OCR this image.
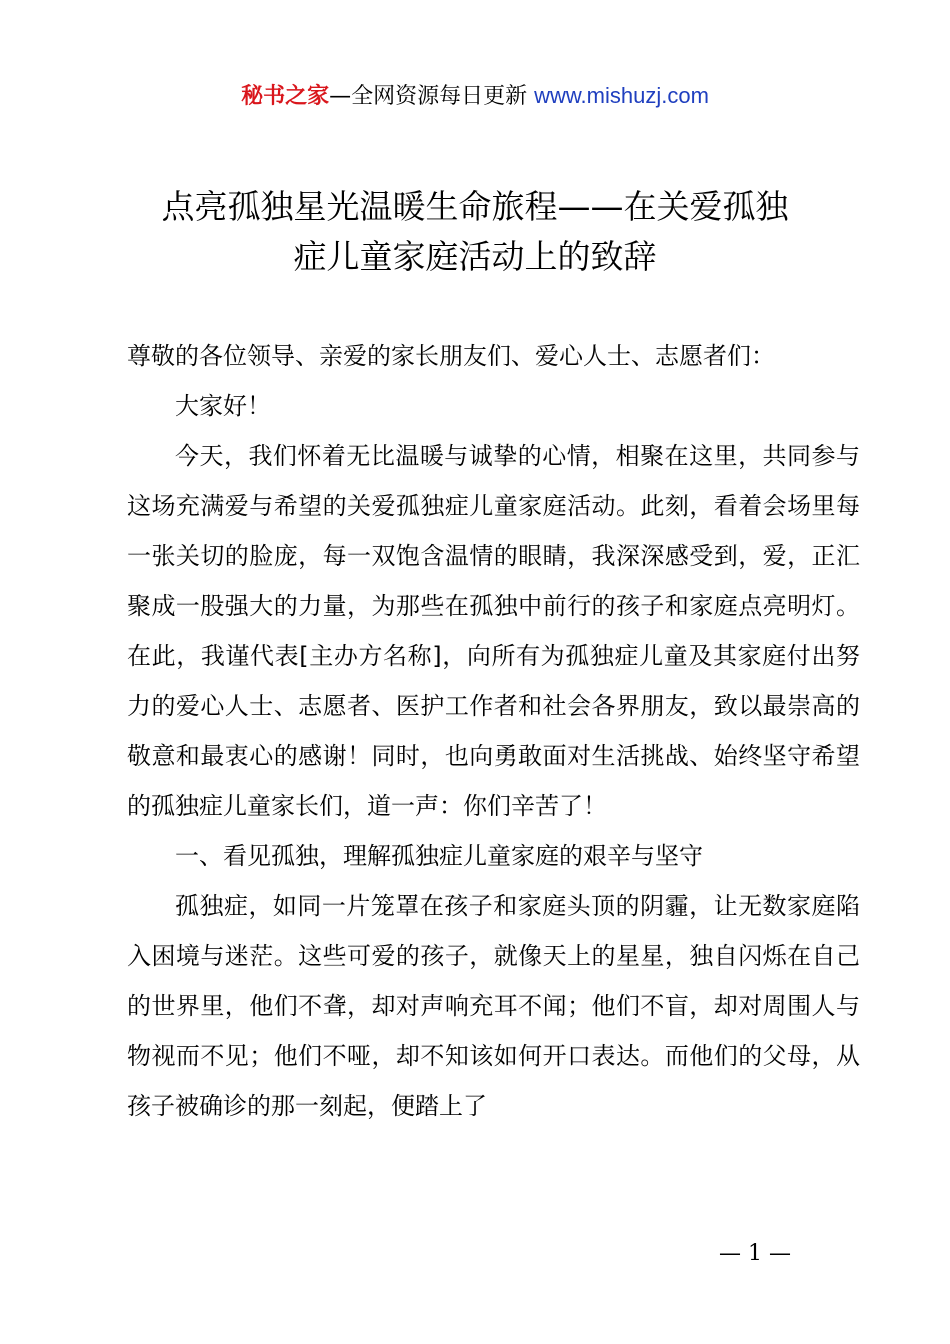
秘书之家—全网资源每日更新 www.mishuzj.com
点亮孤独星光温暖生命旅程——在关爱孤独
症儿童家庭活动上的致辞

尊敬的各位领导、亲爱的家长朋友们、爱心人士、志愿者们：

大家好！

今天，我们怀着无比温暖与诚挚的心情，相聚在这里，共同参与这场充满爱与希望的关爱孤独症儿童家庭活动。此刻，看着会场里每一张关切的脸庞，每一双饱含温情的眼睛，我深深感受到，爱，正汇聚成一股强大的力量，为那些在孤独中前行的孩子和家庭点亮明灯。在此，我谨代表[主办方名称]，向所有为孤独症儿童及其家庭付出努力的爱心人士、志愿者、医护工作者和社会各界朋友，致以最崇高的敬意和最衷心的感谢！同时，也向勇敢面对生活挑战、始终坚守希望的孤独症儿童家长们，道一声：你们辛苦了！

一、看见孤独，理解孤独症儿童家庭的艰辛与坚守

孤独症，如同一片笼罩在孩子和家庭头顶的阴霾，让无数家庭陷入困境与迷茫。这些可爱的孩子，就像天上的星星，独自闪烁在自己的世界里，他们不聋，却对声响充耳不闻；他们不盲，却对周围人与物视而不见；他们不哑，却不知该如何开口表达。而他们的父母，从孩子被确诊的那一刻起，便踏上了

— 1 —
